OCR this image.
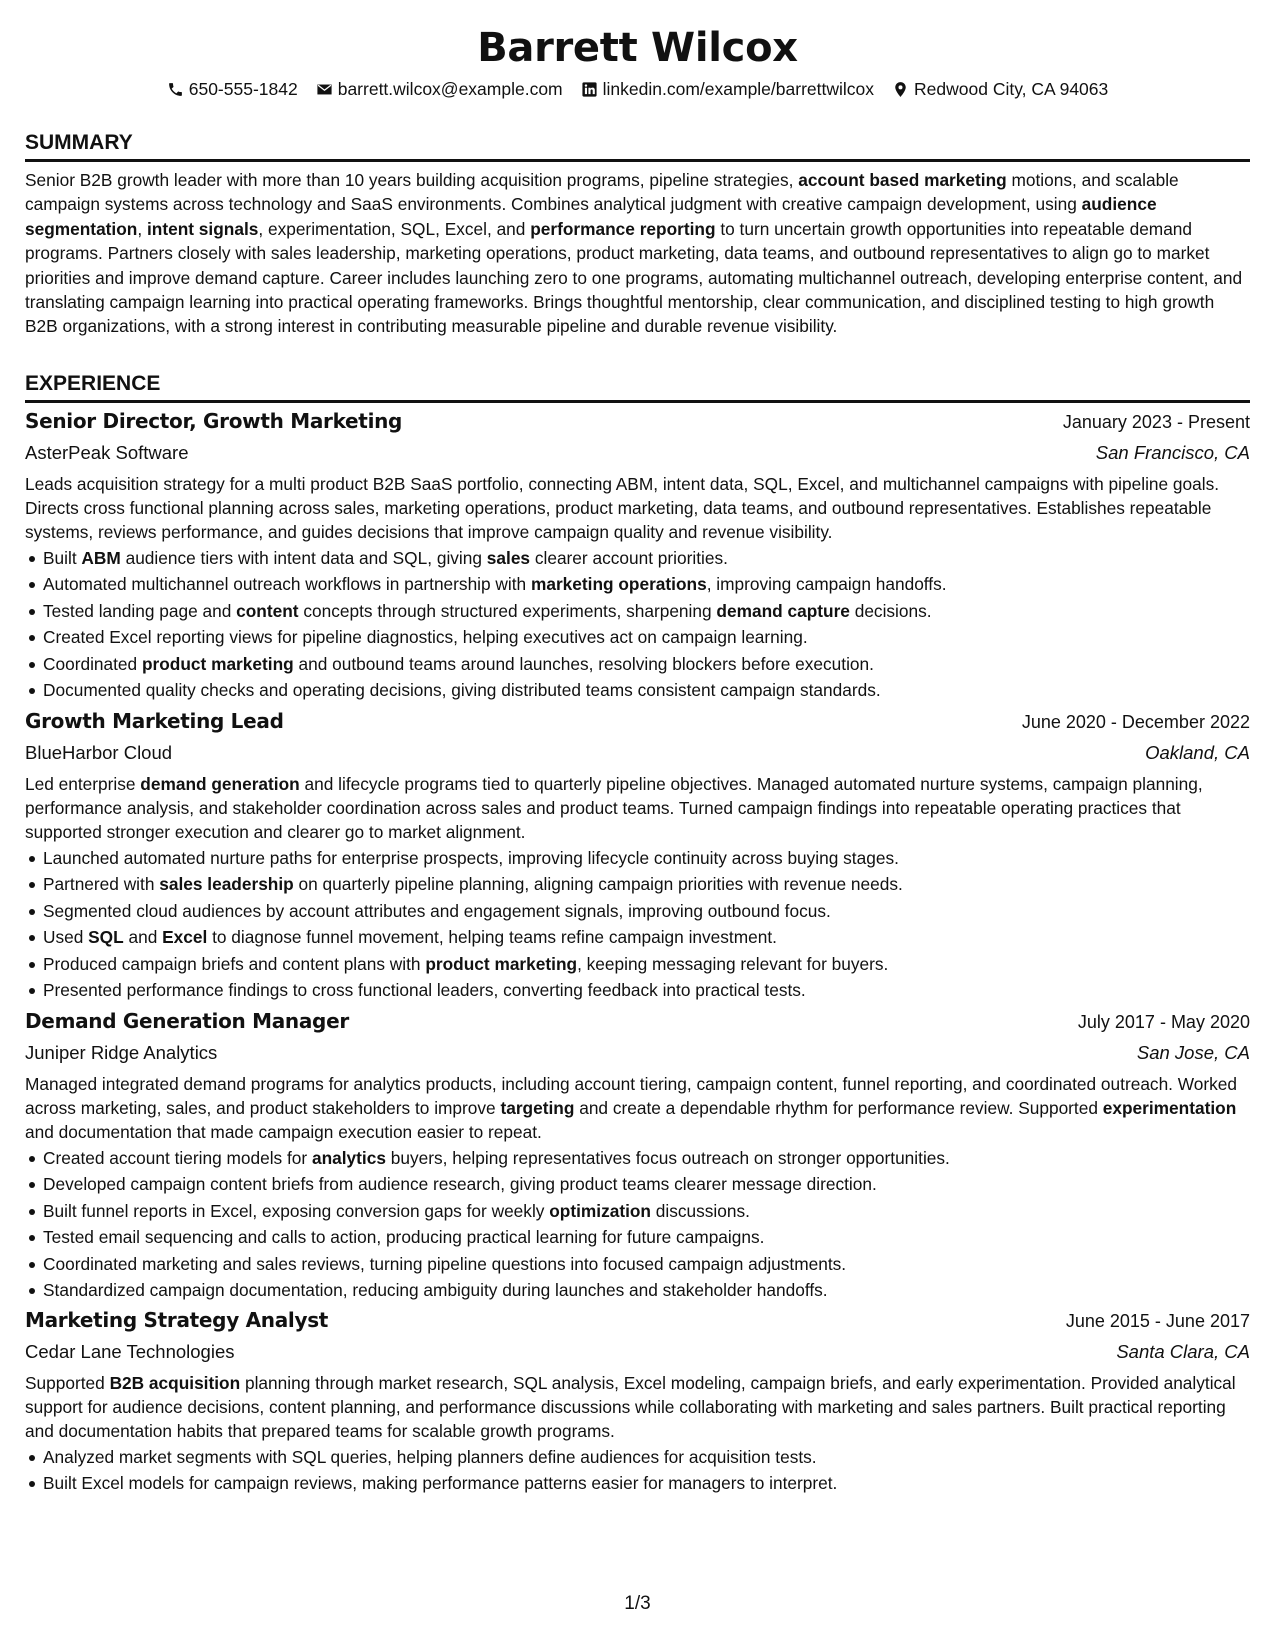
Barrett Wilcox
650-555-1842 barrett.wilcox@example.com linkedin.com/example/barrettwilcox Redwood City, CA 94063
SUMMARY
Senior B2B growth leader with more than 10 years building acquisition programs, pipeline strategies, account based marketing motions, and scalable campaign systems across technology and SaaS environments. Combines analytical judgment with creative campaign development, using audience segmentation, intent signals, experimentation, SQL, Excel, and performance reporting to turn uncertain growth opportunities into repeatable demand programs. Partners closely with sales leadership, marketing operations, product marketing, data teams, and outbound representatives to align go to market priorities and improve demand capture. Career includes launching zero to one programs, automating multichannel outreach, developing enterprise content, and translating campaign learning into practical operating frameworks. Brings thoughtful mentorship, clear communication, and disciplined testing to high growth B2B organizations, with a strong interest in contributing measurable pipeline and durable revenue visibility.
EXPERIENCE
Senior Director, Growth Marketing	January 2023 - Present
AsterPeak Software	San Francisco, CA
Leads acquisition strategy for a multi product B2B SaaS portfolio, connecting ABM, intent data, SQL, Excel, and multichannel campaigns with pipeline goals. Directs cross functional planning across sales, marketing operations, product marketing, data teams, and outbound representatives. Establishes repeatable systems, reviews performance, and guides decisions that improve campaign quality and revenue visibility.
Built ABM audience tiers with intent data and SQL, giving sales clearer account priorities.
Automated multichannel outreach workflows in partnership with marketing operations, improving campaign handoffs.
Tested landing page and content concepts through structured experiments, sharpening demand capture decisions.
Created Excel reporting views for pipeline diagnostics, helping executives act on campaign learning.
Coordinated product marketing and outbound teams around launches, resolving blockers before execution.
Documented quality checks and operating decisions, giving distributed teams consistent campaign standards.
Growth Marketing Lead	June 2020 - December 2022
BlueHarbor Cloud	Oakland, CA
Led enterprise demand generation and lifecycle programs tied to quarterly pipeline objectives. Managed automated nurture systems, campaign planning, performance analysis, and stakeholder coordination across sales and product teams. Turned campaign findings into repeatable operating practices that supported stronger execution and clearer go to market alignment.
Launched automated nurture paths for enterprise prospects, improving lifecycle continuity across buying stages.
Partnered with sales leadership on quarterly pipeline planning, aligning campaign priorities with revenue needs.
Segmented cloud audiences by account attributes and engagement signals, improving outbound focus.
Used SQL and Excel to diagnose funnel movement, helping teams refine campaign investment.
Produced campaign briefs and content plans with product marketing, keeping messaging relevant for buyers.
Presented performance findings to cross functional leaders, converting feedback into practical tests.
Demand Generation Manager	July 2017 - May 2020
Juniper Ridge Analytics	San Jose, CA
Managed integrated demand programs for analytics products, including account tiering, campaign content, funnel reporting, and coordinated outreach. Worked across marketing, sales, and product stakeholders to improve targeting and create a dependable rhythm for performance review. Supported experimentation and documentation that made campaign execution easier to repeat.
Created account tiering models for analytics buyers, helping representatives focus outreach on stronger opportunities.
Developed campaign content briefs from audience research, giving product teams clearer message direction.
Built funnel reports in Excel, exposing conversion gaps for weekly optimization discussions.
Tested email sequencing and calls to action, producing practical learning for future campaigns.
Coordinated marketing and sales reviews, turning pipeline questions into focused campaign adjustments.
Standardized campaign documentation, reducing ambiguity during launches and stakeholder handoffs.
Marketing Strategy Analyst	June 2015 - June 2017
Cedar Lane Technologies	Santa Clara, CA
Supported B2B acquisition planning through market research, SQL analysis, Excel modeling, campaign briefs, and early experimentation. Provided analytical support for audience decisions, content planning, and performance discussions while collaborating with marketing and sales partners. Built practical reporting and documentation habits that prepared teams for scalable growth programs.
Analyzed market segments with SQL queries, helping planners define audiences for acquisition tests.
Built Excel models for campaign reviews, making performance patterns easier for managers to interpret.
1/3
